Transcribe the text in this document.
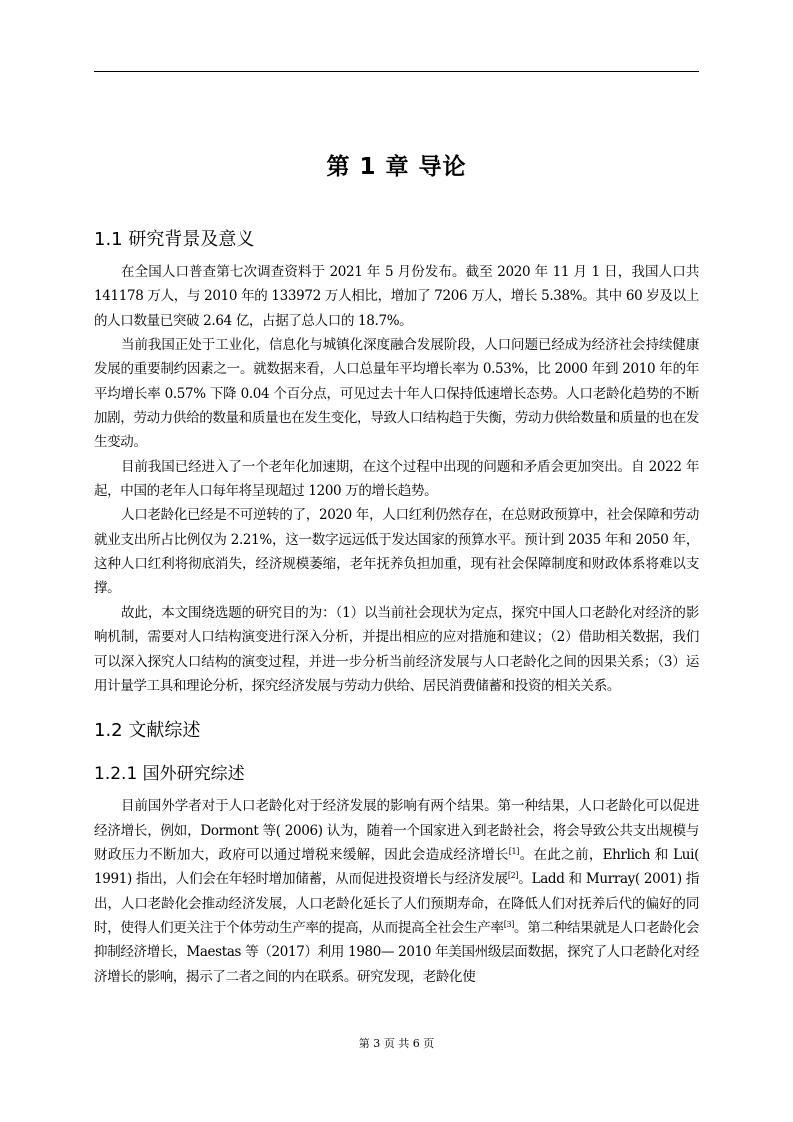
第 1 章 导论
1.1 研究背景及意义

在全国人口普查第七次调查资料于 2021 年 5 月份发布。截至 2020 年 11 月 1 日，我国人口共 141178 万人，与 2010 年的 133972 万人相比，增加了 7206 万人，增长 5.38%。其中 60 岁及以上的人口数量已突破 2.64 亿，占据了总人口的 18.7%。

当前我国正处于工业化，信息化与城镇化深度融合发展阶段，人口问题已经成为经济社会持续健康发展的重要制约因素之一。就数据来看，人口总量年平均增长率为 0.53%，比 2000 年到 2010 年的年平均增长率 0.57% 下降 0.04 个百分点，可见过去十年人口保持低速增长态势。人口老龄化趋势的不断加剧，劳动力供给的数量和质量也在发生变化，导致人口结构趋于失衡，劳动力供给数量和质量的也在发生变动。

目前我国已经进入了一个老年化加速期，在这个过程中出现的问题和矛盾会更加突出。自 2022 年起，中国的老年人口每年将呈现超过 1200 万的增长趋势。

人口老龄化已经是不可逆转的了，2020 年，人口红利仍然存在，在总财政预算中，社会保障和劳动就业支出所占比例仅为 2.21%，这一数字远远低于发达国家的预算水平。预计到 2035 年和 2050 年，这种人口红利将彻底消失，经济规模萎缩，老年抚养负担加重，现有社会保障制度和财政体系将难以支撑。

故此，本文围绕选题的研究目的为：（1）以当前社会现状为定点，探究中国人口老龄化对经济的影响机制，需要对人口结构演变进行深入分析，并提出相应的应对措施和建议；（2）借助相关数据，我们可以深入探究人口结构的演变过程，并进一步分析当前经济发展与人口老龄化之间的因果关系；（3）运用计量学工具和理论分析，探究经济发展与劳动力供给、居民消费储蓄和投资的相关关系。

1.2 文献综述
1.2.1 国外研究综述

目前国外学者对于人口老龄化对于经济发展的影响有两个结果。第一种结果，人口老龄化可以促进经济增长，例如，Dormont 等( 2006) 认为，随着一个国家进入到老龄社会，将会导致公共支出规模与财政压力不断加大，政府可以通过增税来缓解，因此会造成经济增长[1]。在此之前，Ehrlich 和 Lui( 1991) 指出，人们会在年轻时增加储蓄，从而促进投资增长与经济发展[2]。Ladd 和 Murray( 2001) 指出，人口老龄化会推动经济发展，人口老龄化延长了人们预期寿命，在降低人们对抚养后代的偏好的同时，使得人们更关注于个体劳动生产率的提高，从而提高全社会生产率[3]。第二种结果就是人口老龄化会抑制经济增长，Maestas 等（2017）利用 1980— 2010 年美国州级层面数据，探究了人口老龄化对经济增长的影响，揭示了二者之间的内在联系。研究发现，老龄化使

第 3 页 共 6 页
